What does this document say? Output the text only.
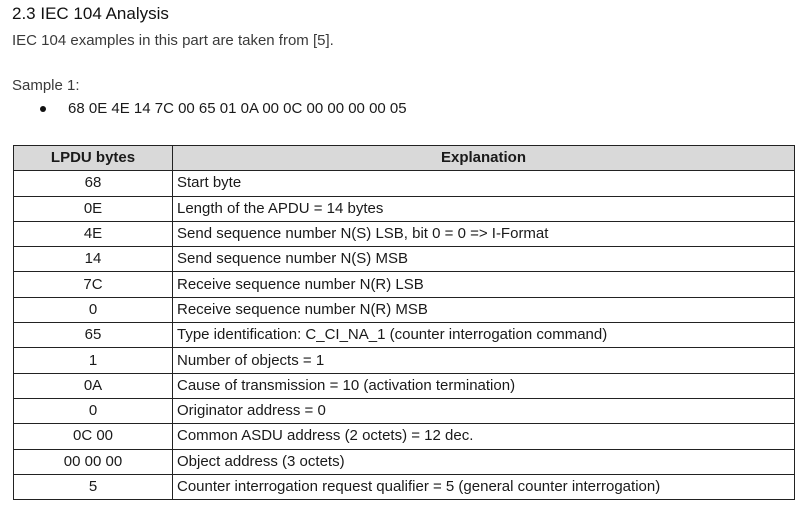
2.3 IEC 104 Analysis
IEC 104 examples in this part are taken from [5].
Sample 1:
68 0E 4E 14 7C 00 65 01 0A 00 0C 00 00 00 00 05
LPDU bytes	Explanation
68	Start byte
0E	Length of the APDU = 14 bytes
4E	Send sequence number N(S) LSB, bit 0 = 0 => I-Format
14	Send sequence number N(S) MSB
7C	Receive sequence number N(R) LSB
0	Receive sequence number N(R) MSB
65	Type identification: C_CI_NA_1 (counter interrogation command)
1	Number of objects = 1
0A	Cause of transmission = 10 (activation termination)
0	Originator address = 0
0C 00	Common ASDU address (2 octets) = 12 dec.
00 00 00	Object address (3 octets)
5	Counter interrogation request qualifier = 5 (general counter interrogation)
